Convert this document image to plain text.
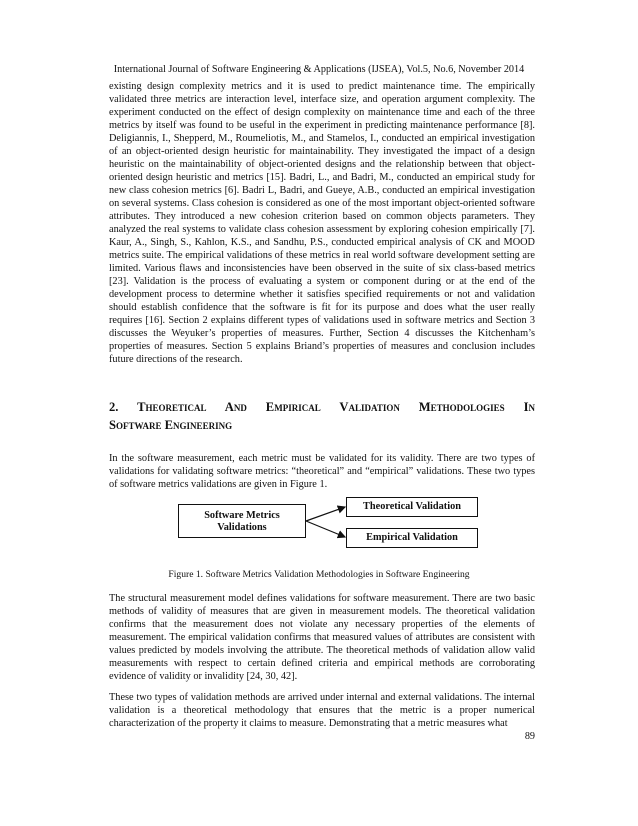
International Journal of Software Engineering & Applications (IJSEA), Vol.5, No.6, November 2014

existing design complexity metrics and it is used to predict maintenance time. The empirically validated three metrics are interaction level, interface size, and operation argument complexity. The experiment conducted on the effect of design complexity on maintenance time and each of the three metrics by itself was found to be useful in the experiment in predicting maintenance performance [8]. Deligiannis, I., Shepperd, M., Roumeliotis, M., and Stamelos, I., conducted an empirical investigation of an object-oriented design heuristic for maintainability. They investigated the impact of a design heuristic on the maintainability of object-oriented designs and the relationship between that object-oriented design heuristic and metrics [15]. Badri, L., and Badri, M., conducted an empirical study for new class cohesion metrics [6]. Badri L, Badri, and Gueye, A.B., conducted an empirical investigation on several systems. Class cohesion is considered as one of the most important object-oriented software attributes. They introduced a new cohesion criterion based on common objects parameters. They analyzed the real systems to validate class cohesion assessment by exploring cohesion empirically [7]. Kaur, A., Singh, S., Kahlon, K.S., and Sandhu, P.S., conducted empirical analysis of CK and MOOD metrics suite. The empirical validations of these metrics in real world software development setting are limited. Various flaws and inconsistencies have been observed in the suite of six class-based metrics [23]. Validation is the process of evaluating a system or component during or at the end of the development process to determine whether it satisfies specified requirements or not and validation should establish confidence that the software is fit for its purpose and does what the user really requires [16]. Section 2 explains different types of validations used in software metrics and Section 3 discusses the Weyuker’s properties of measures. Further, Section 4 discusses the Kitchenham’s properties of measures. Section 5 explains Briand’s properties of measures and conclusion includes future directions of the research.

2. Theoretical And Empirical Validation Methodologies In
Software Engineering

In the software measurement, each metric must be validated for its validity. There are two types of validations for validating software metrics: “theoretical” and “empirical” validations. These two types of software metrics validations are given in Figure 1.

Software Metrics Validations
Theoretical Validation
Empirical Validation
Figure 1. Software Metrics Validation Methodologies in Software Engineering

The structural measurement model defines validations for software measurement. There are two basic methods of validity of measures that are given in measurement models. The theoretical validation confirms that the measurement does not violate any necessary properties of the elements of measurement. The empirical validation confirms that measured values of attributes are consistent with values predicted by models involving the attribute. The theoretical methods of validation allow valid measurements with respect to certain defined criteria and empirical methods are corroborating evidence of validity or invalidity [24, 30, 42].

These two types of validation methods are arrived under internal and external validations. The internal validation is a theoretical methodology that ensures that the metric is a proper numerical characterization of the property it claims to measure. Demonstrating that a metric measures what

89
